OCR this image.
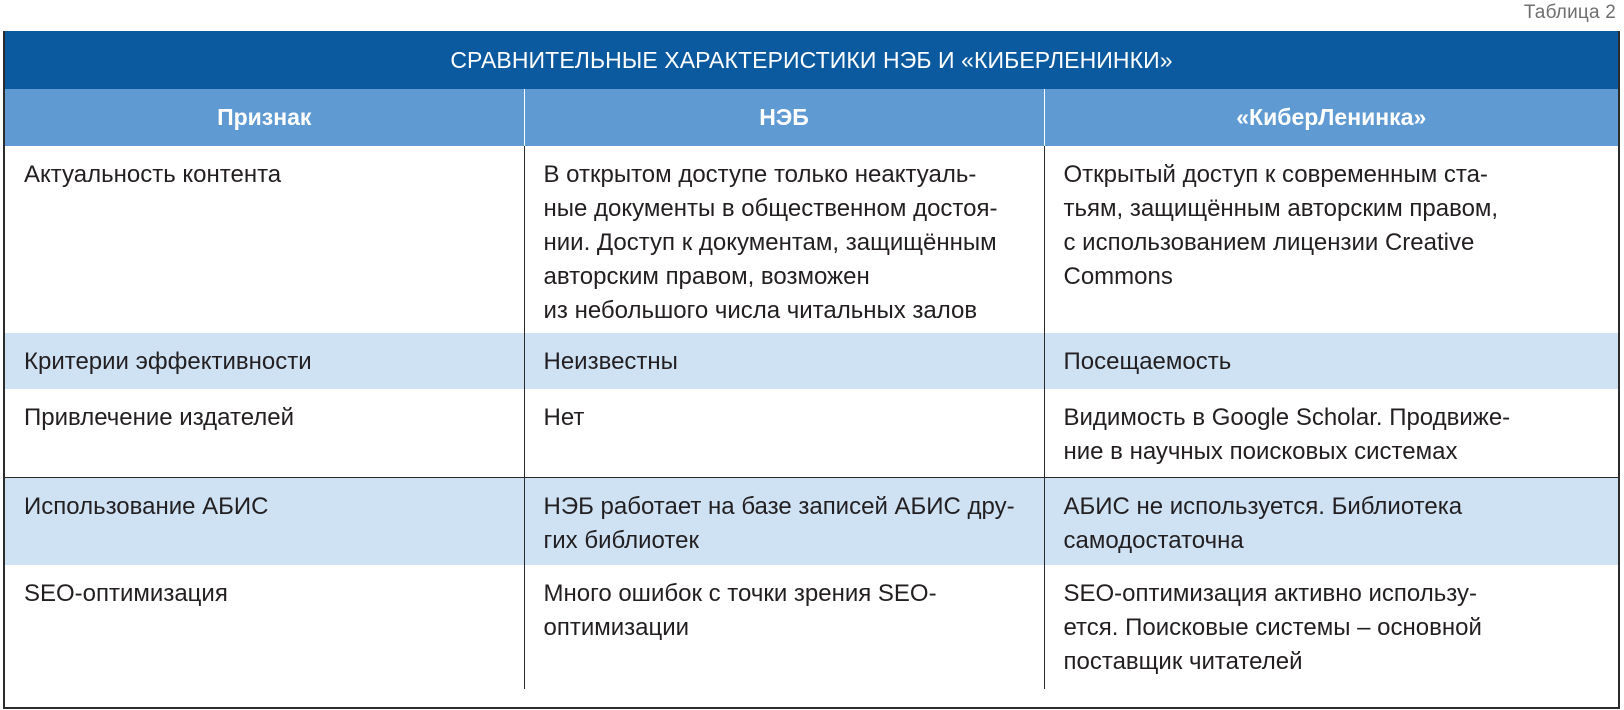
Таблица 2
СРАВНИТЕЛЬНЫЕ ХАРАКТЕРИСТИКИ НЭБ И «КИБЕРЛЕНИНКИ»		
Признак	НЭБ	«КиберЛенинка»

Актуальность контента	В открытом доступе только неактуаль-
ные документы в общественном достоя-
нии. Доступ к документам, защищённым
авторским правом, возможен
из небольшого числа читальных залов	Открытый доступ к современным ста-
тьям, защищённым авторским правом,
с использованием лицензии Creative
Commons

Критерии эффективности	Неизвестны	Посещаемость

Привлечение издателей	Нет	Видимость в Google Scholar. Продвиже-
ние в научных поисковых системах

Использование АБИС	НЭБ работает на базе записей АБИС дру-
гих библиотек	АБИС не используется. Библиотека
самодостаточна

SEO-оптимизация	Много ошибок с точки зрения SEO-
оптимизации	SEO-оптимизация активно использу-
ется. Поисковые системы – основной
поставщик читателей
